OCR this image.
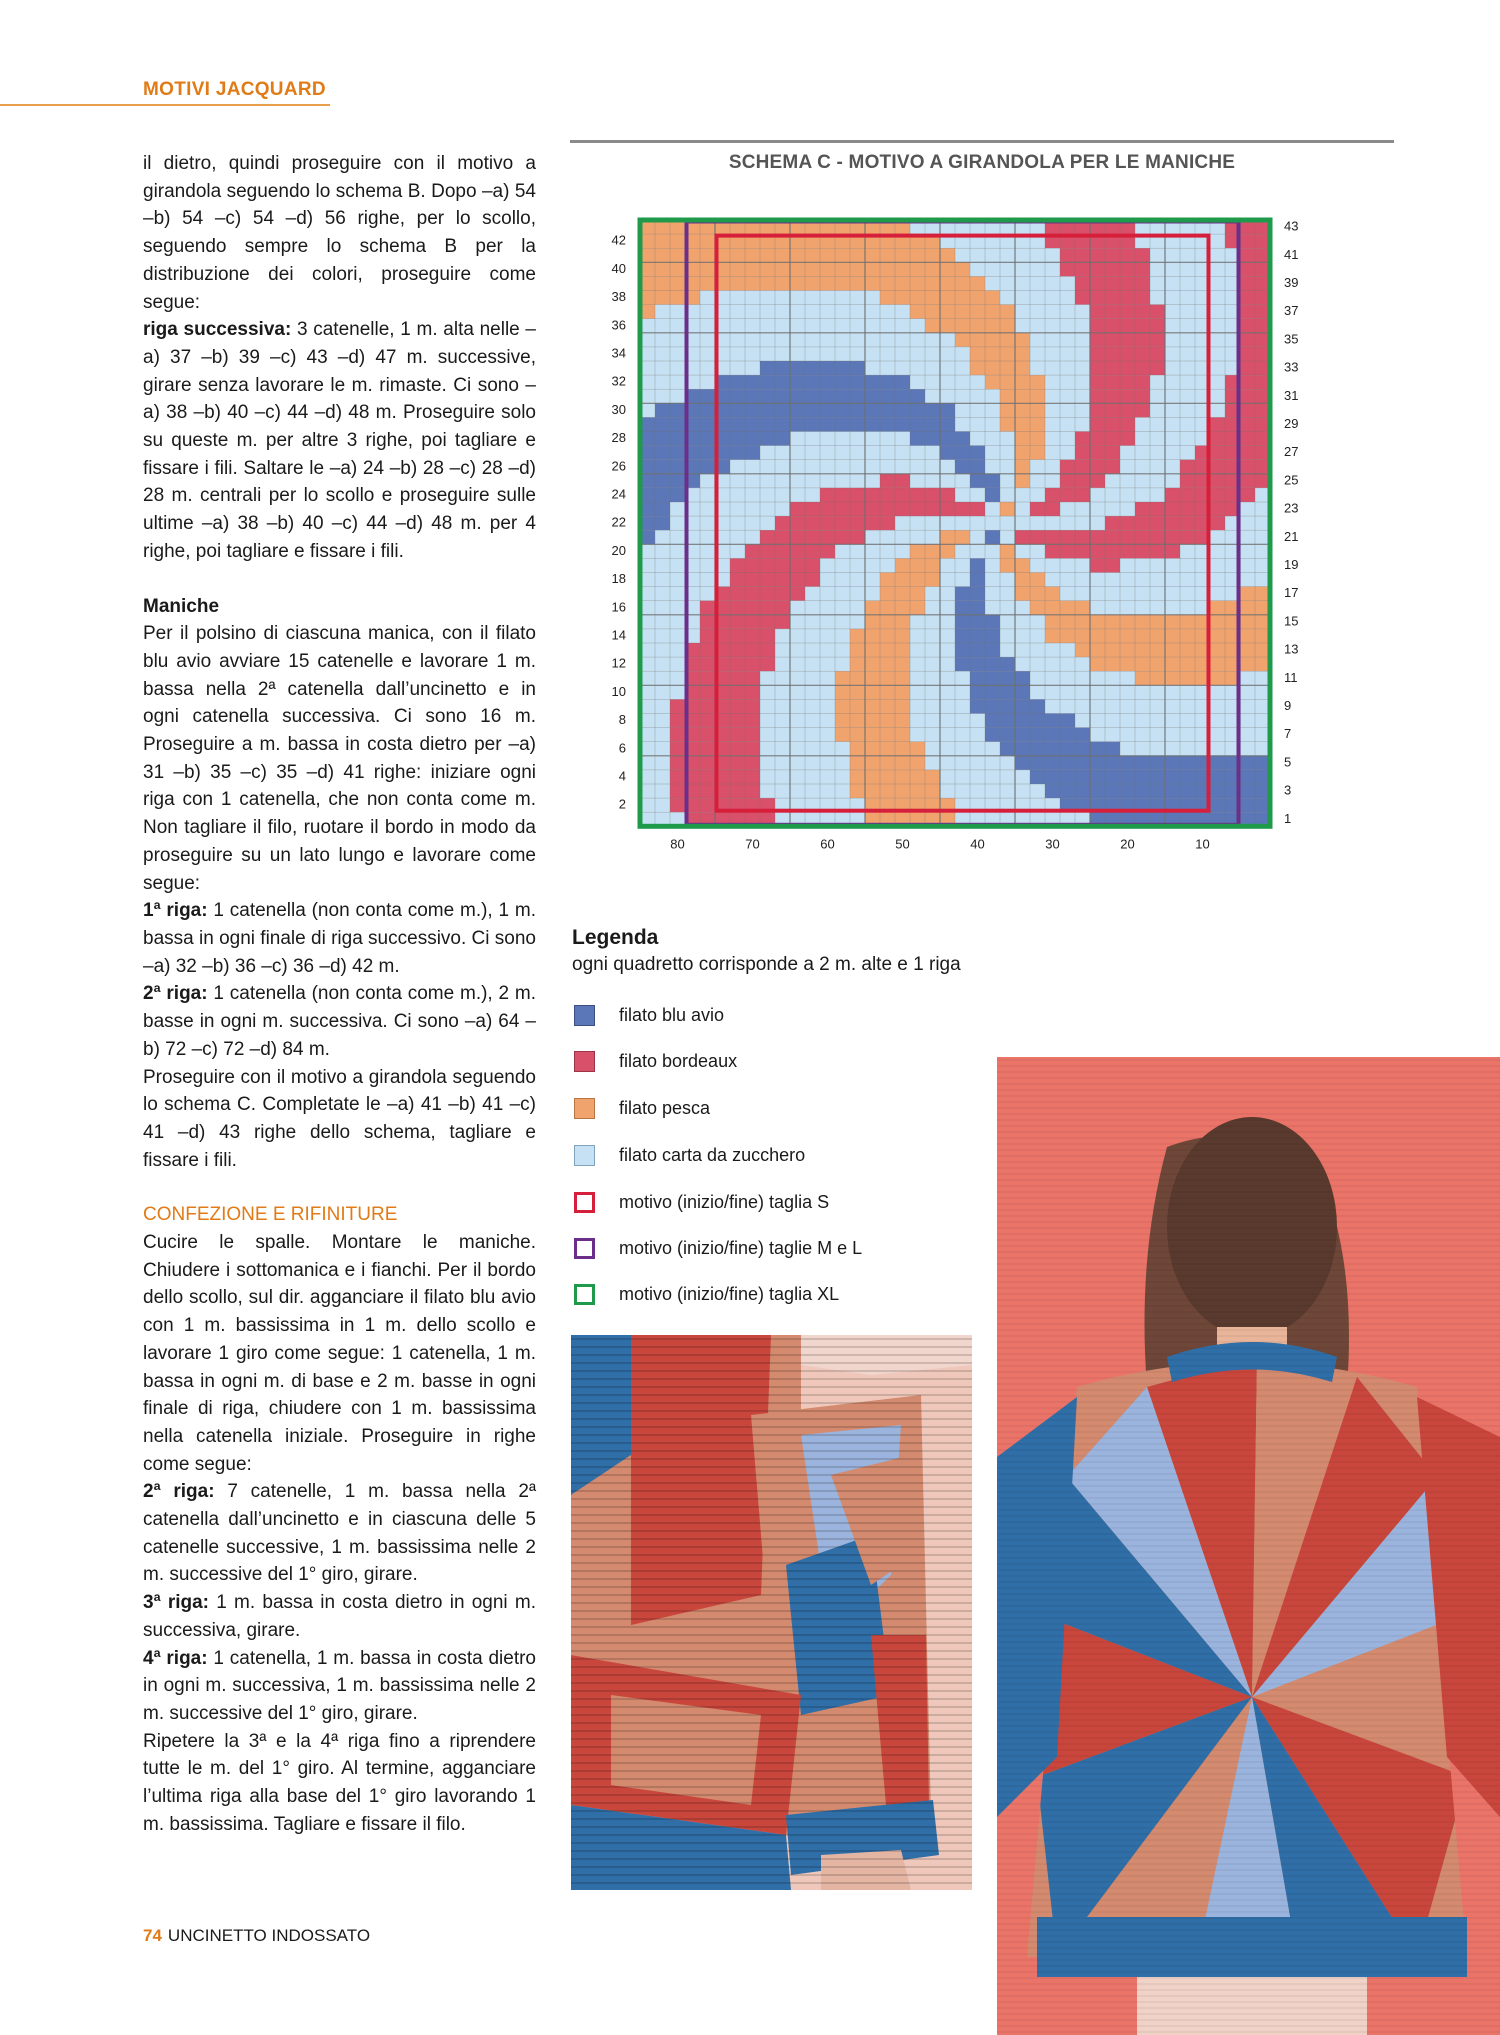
MOTIVI JACQUARD

il dietro, quindi proseguire con il motivo a girandola seguendo lo schema B. Dopo –a) 54 –b) 54 –c) 54 –d) 56 righe, per lo scollo, seguendo sempre lo schema B per la distribuzione dei colori, proseguire come segue:

riga successiva: 3 catenelle, 1 m. alta nelle –a) 37 –b) 39 –c) 43 –d) 47 m. successive, girare senza lavorare le m. rimaste. Ci sono –a) 38 –b) 40 –c) 44 –d) 48 m. Proseguire solo su queste m. per altre 3 righe, poi tagliare e fissare i fili. Saltare le –a) 24 –b) 28 –c) 28 –d) 28 m. centrali per lo scollo e proseguire sulle ultime –a) 38 –b) 40 –c) 44 –d) 48 m. per 4 righe, poi tagliare e fissare i fili.

Maniche

Per il polsino di ciascuna manica, con il filato blu avio avviare 15 catenelle e lavorare 1 m. bassa nella 2ª catenella dall’uncinetto e in ogni catenella successiva. Ci sono 16 m. Proseguire a m. bassa in costa dietro per –a) 31 –b) 35 –c) 35 –d) 41 righe: iniziare ogni riga con 1 catenella, che non conta come m. Non tagliare il filo, ruotare il bordo in modo da proseguire su un lato lungo e lavorare come segue:

1ª riga: 1 catenella (non conta come m.), 1 m. bassa in ogni finale di riga successivo. Ci sono –a) 32 –b) 36 –c) 36 –d) 42 m.

2ª riga: 1 catenella (non conta come m.), 2 m. basse in ogni m. successiva. Ci sono –a) 64 –b) 72 –c) 72 –d) 84 m.

Proseguire con il motivo a girandola seguendo lo schema C. Completate le –a) 41 –b) 41 –c) 41 –d) 43 righe dello schema, tagliare e fissare i fili.

CONFEZIONE E RIFINITURE

Cucire le spalle. Montare le maniche. Chiudere i sottomanica e i fianchi. Per il bordo dello scollo, sul dir. agganciare il filato blu avio con 1 m. bassissima in 1 m. dello scollo e lavorare 1 giro come segue: 1 catenella, 1 m. bassa in ogni m. di base e 2 m. basse in ogni finale di riga, chiudere con 1 m. bassissima nella catenella iniziale. Proseguire in righe come segue:

2ª riga: 7 catenelle, 1 m. bassa nella 2ª catenella dall’uncinetto e in ciascuna delle 5 catenelle successive, 1 m. bassissima nelle 2 m. successive del 1° giro, girare.

3ª riga: 1 m. bassa in costa dietro in ogni m. successiva, girare.

4ª riga: 1 catenella, 1 m. bassa in costa dietro in ogni m. successiva, 1 m. bassissima nelle 2 m. successive del 1° giro, girare.

Ripetere la 3ª e la 4ª riga fino a riprendere tutte le m. del 1° giro. Al termine, agganciare l’ultima riga alla base del 1° giro lavorando 1 m. bassissima. Tagliare e fissare il filo.

SCHEMA C - MOTIVO A GIRANDOLA PER LE MANICHE
42
40
38
36
34
32
30
28
26
24
22
20
18
16
14
12
10
8
6
4
2
43
41
39
37
35
33
31
29
27
25
23
21
19
17
15
13
11
9
7
5
3
1
80	70	60	50	40	30	20	10
Legenda
ogni quadretto corrisponde a 2 m. alte e 1 riga
filato blu avio
filato bordeaux
filato pesca
filato carta da zucchero
motivo (inizio/fine) taglia S
motivo (inizio/fine) taglie M e L
motivo (inizio/fine) taglia XL
74 UNCINETTO INDOSSATO
